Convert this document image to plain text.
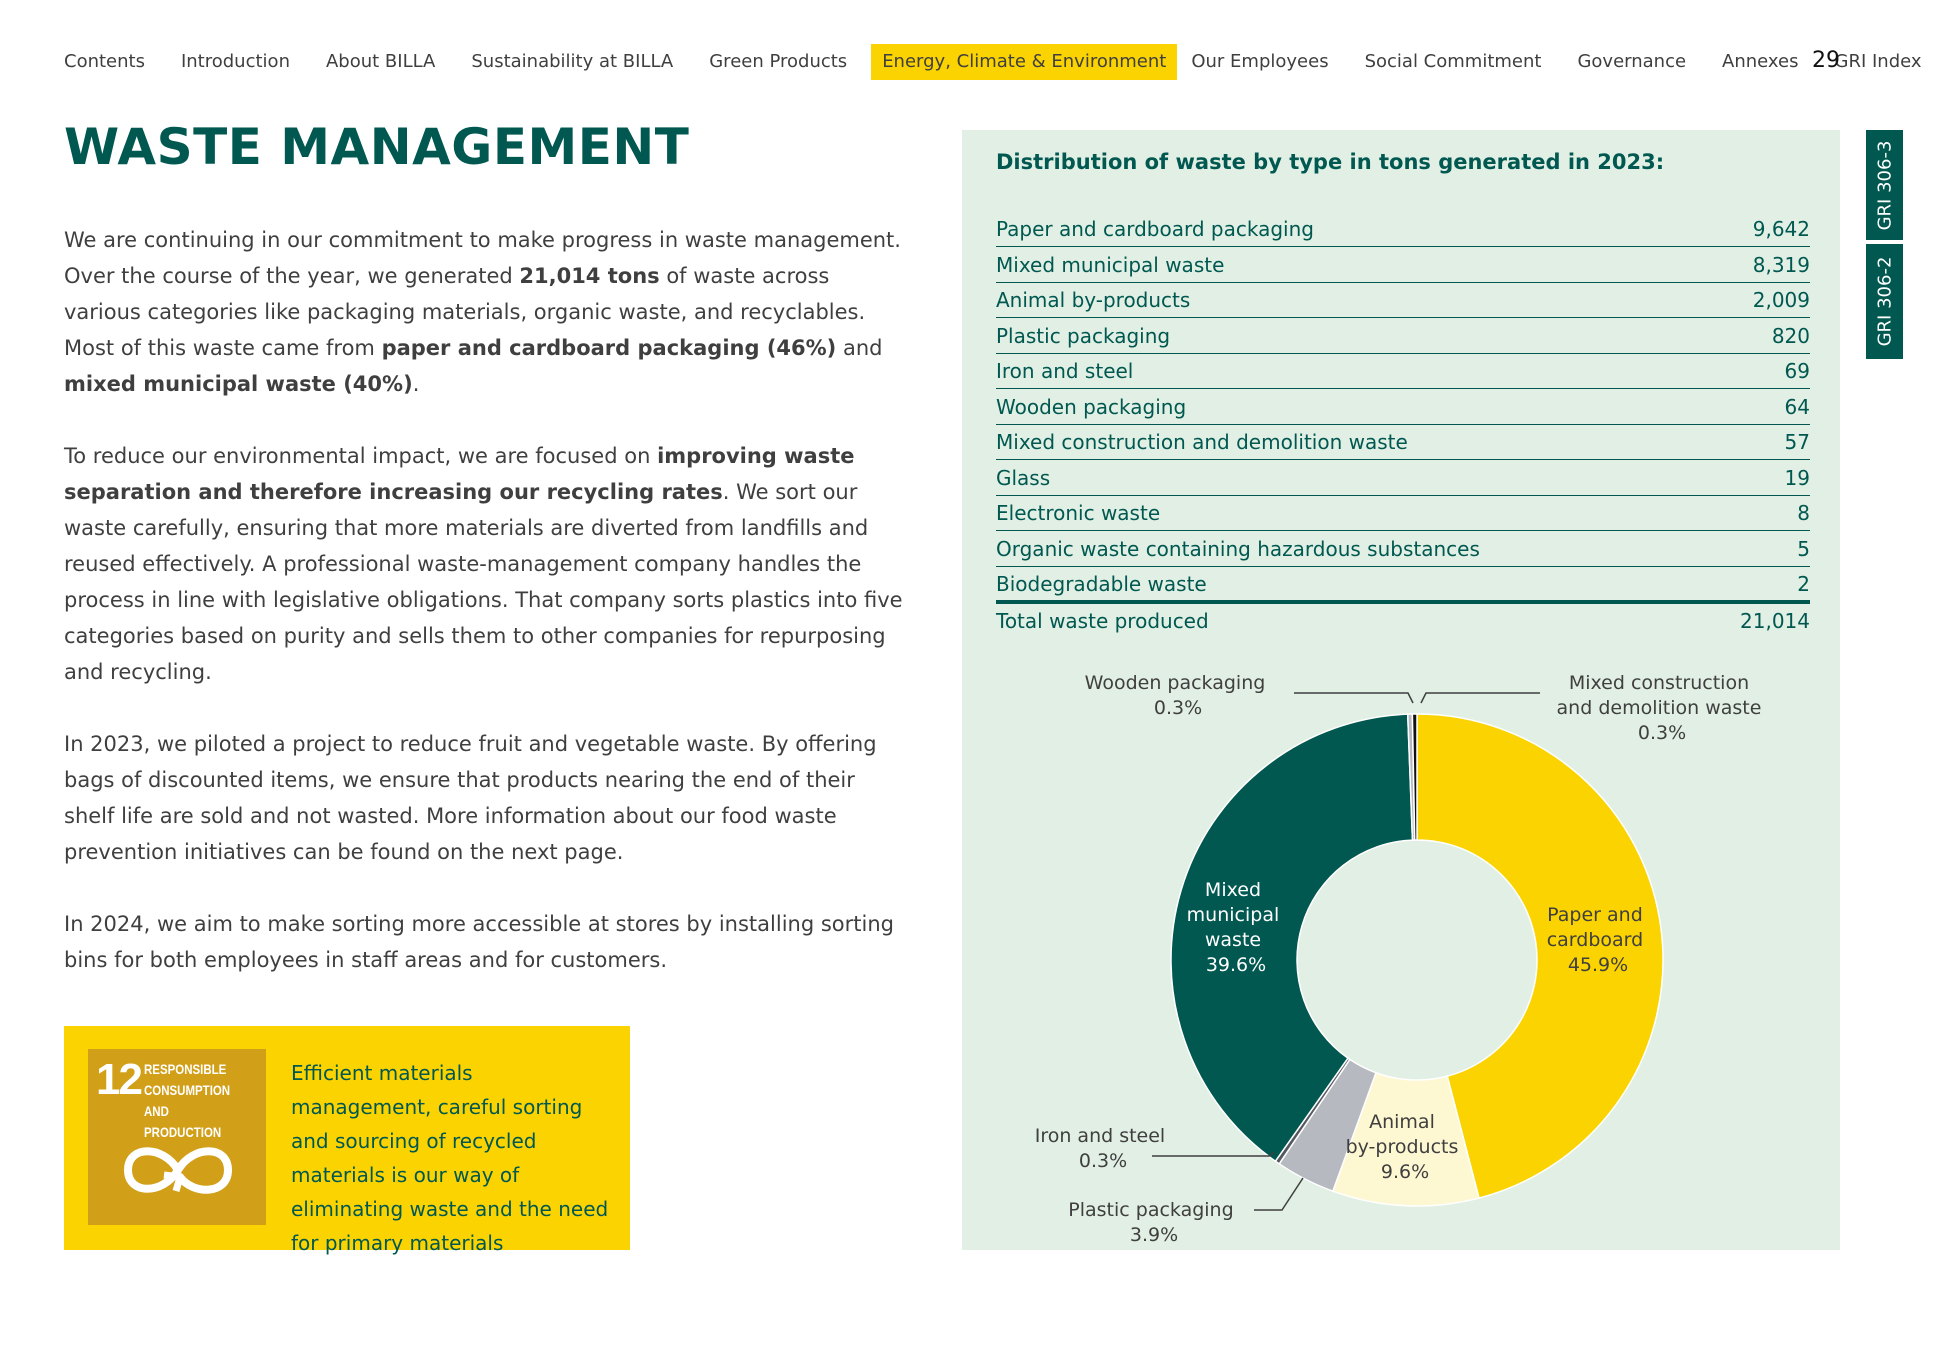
Contents	Introduction	About BILLA	Sustainability at BILLA	Green Products	Energy, Climate & Environment	Our Employees	Social Commitment	Governance	Annexes	GRI Index
29
WASTE MANAGEMENT

We are continuing in our commitment to make progress in waste management. Over the course of the year, we generated 21,014 tons of waste across various categories like packaging materials, organic waste, and recyclables. Most of this waste came from paper and cardboard packaging (46%) and mixed municipal waste (40%).

To reduce our environmental impact, we are focused on improving waste separation and therefore increasing our recycling rates. We sort our waste carefully, ensuring that more materials are diverted from landfills and reused effectively. A professional waste-management company handles the process in line with legislative obligations. That company sorts plastics into five categories based on purity and sells them to other companies for repurposing and recycling.

In 2023, we piloted a project to reduce fruit and vegetable waste. By offering bags of discounted items, we ensure that products nearing the end of their shelf life are sold and not wasted. More information about our food waste prevention initiatives can be found on the next page.

In 2024, we aim to make sorting more accessible at stores by installing sorting bins for both employees in staff areas and for customers.

12 RESPONSIBLE
CONSUMPTION
AND PRODUCTION
Efficient materials management, careful sorting and sourcing of recycled materials is our way of eliminating waste and the need for primary materials
GRI 306-3
GRI 306-2
Distribution of waste by type in tons generated in 2023:
Paper and cardboard packaging	9,642
Mixed municipal waste	8,319
Animal by-products	2,009
Plastic packaging	820
Iron and steel	69
Wooden packaging	64
Mixed construction and demolition waste	57
Glass	19
Electronic waste	8
Organic waste containing hazardous substances	5
Biodegradable waste	2
Total waste produced	21,014
Wooden packaging 0.3%
Mixed construction and demolition waste 0.3%
Mixed municipal waste 39.6%
Paper and cardboard 45.9%
Animal by-products 9.6%
Iron and steel 0.3%
Plastic packaging 3.9%
